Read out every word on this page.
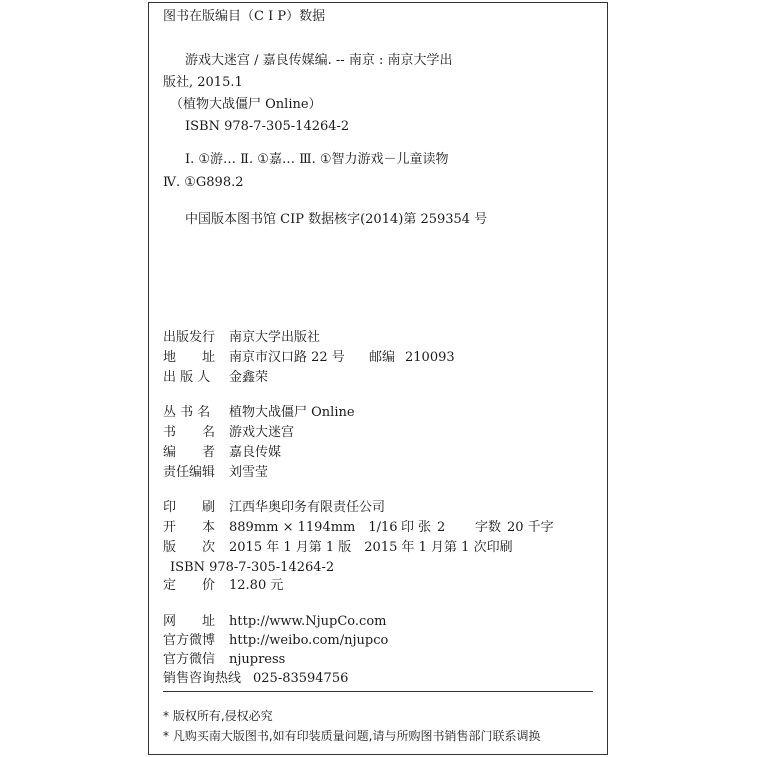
图书在版编目（C I P）数据
游戏大迷宫 / 嘉良传媒编. -- 南京 : 南京大学出
版社, 2015.1
（植物大战僵尸 Online）
ISBN 978-7-305-14264-2
Ⅰ. ①游… Ⅱ. ①嘉… Ⅲ. ①智力游戏－儿童读物
Ⅳ. ①G898.2
中国版本图书馆 CIP 数据核字(2014)第 259354 号
出版发行 南京大学出版社
地　　址 南京市汉口路 22 号 邮编 210093
出 版 人 金鑫荣
丛 书 名 植物大战僵尸 Online
书　　名 游戏大迷宫
编　　者 嘉良传媒
责任编辑 刘雪莹
印　　刷 江西华奥印务有限责任公司
开　　本 889mm × 1194mm　1/16 印 张 2 字数 20 千字
版　　次 2015 年 1 月第 1 版　2015 年 1 月第 1 次印刷
ISBN 978-7-305-14264-2
定　　价 12.80 元
网　　址 http://www.NjupCo.com
官方微博 http://weibo.com/njupco
官方微信 njupress
销售咨询热线 025-83594756
* 版权所有,侵权必究
* 凡购买南大版图书,如有印装质量问题,请与所购图书销售部门联系调换
